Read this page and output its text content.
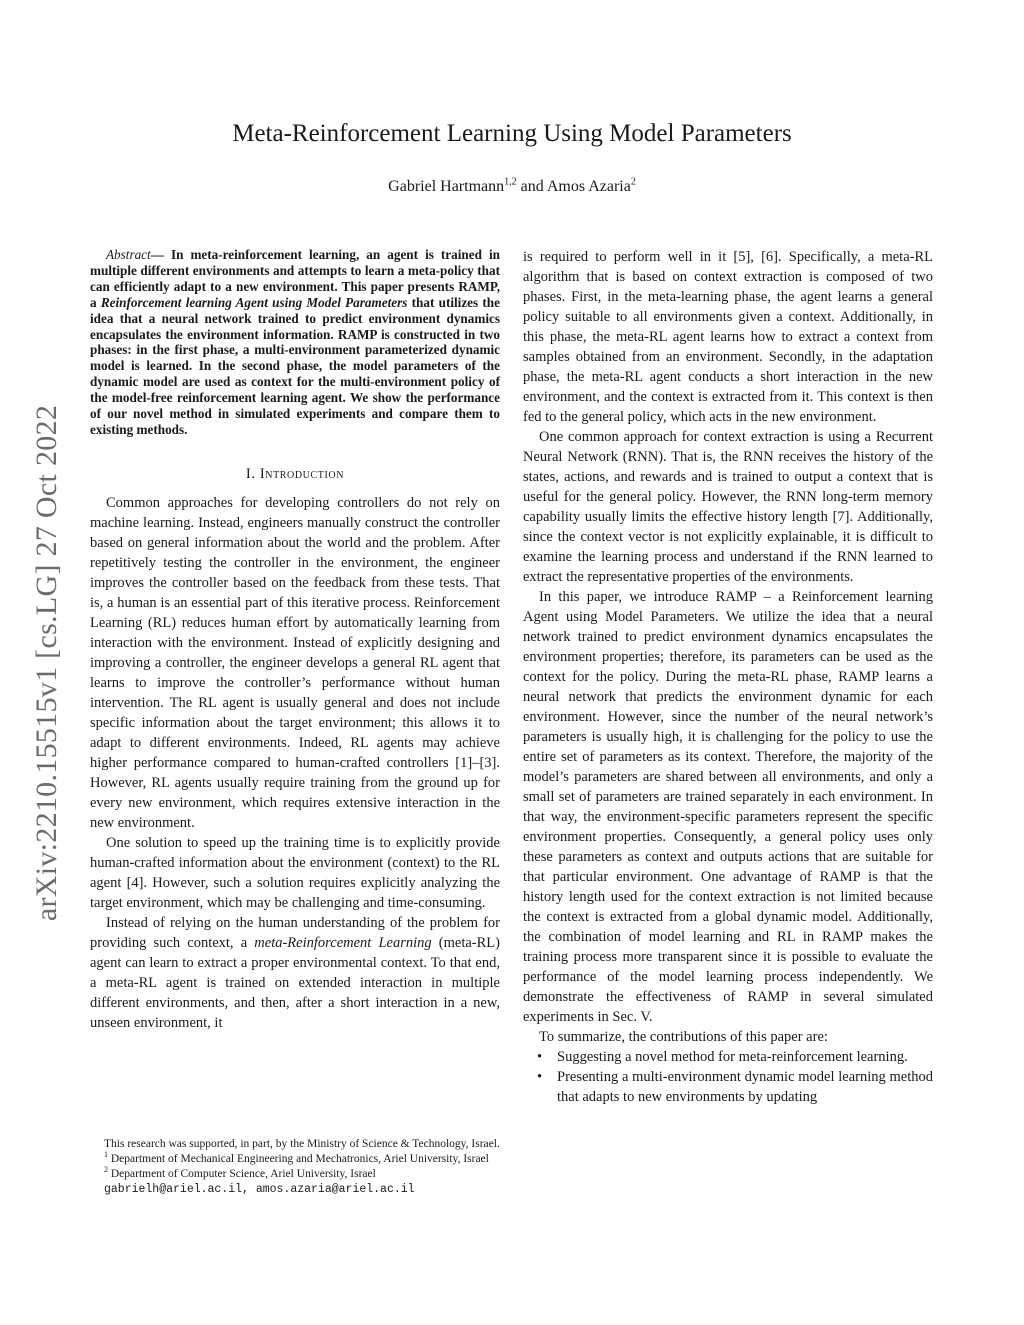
arXiv:2210.15515v1 [cs.LG] 27 Oct 2022
Meta-Reinforcement Learning Using Model Parameters
Gabriel Hartmann$^{1,2}$ and Amos Azaria$^2$

Abstract— In meta-reinforcement learning, an agent is trained in multiple different environments and attempts to learn a meta-policy that can efficiently adapt to a new environment. This paper presents RAMP, a Reinforcement learning Agent using Model Parameters that utilizes the idea that a neural network trained to predict environment dynamics encapsulates the environment information. RAMP is constructed in two phases: in the first phase, a multi-environment parameterized dynamic model is learned. In the second phase, the model parameters of the dynamic model are used as context for the multi-environment policy of the model-free reinforcement learning agent. We show the performance of our novel method in simulated experiments and compare them to existing methods.

I. Introduction

Common approaches for developing controllers do not rely on machine learning. Instead, engineers manually construct the controller based on general information about the world and the problem. After repetitively testing the controller in the environment, the engineer improves the controller based on the feedback from these tests. That is, a human is an essential part of this iterative process. Reinforcement Learning (RL) reduces human effort by automatically learning from interaction with the environment. Instead of explicitly designing and improving a controller, the engineer develops a general RL agent that learns to improve the controller’s performance without human intervention. The RL agent is usually general and does not include specific information about the target environment; this allows it to adapt to different environments. Indeed, RL agents may achieve higher performance compared to human-crafted controllers [1]–[3]. However, RL agents usually require training from the ground up for every new environment, which requires extensive interaction in the new environment.

One solution to speed up the training time is to explicitly provide human-crafted information about the environment (context) to the RL agent [4]. However, such a solution requires explicitly analyzing the target environment, which may be challenging and time-consuming.

Instead of relying on the human understanding of the problem for providing such context, a meta-Reinforcement Learning (meta-RL) agent can learn to extract a proper environmental context. To that end, a meta-RL agent is trained on extended interaction in multiple different environments, and then, after a short interaction in a new, unseen environment, it

This research was supported, in part, by the Ministry of Science & Technology, Israel.

$^1$ Department of Mechanical Engineering and Mechatronics, Ariel University, Israel

$^2$ Department of Computer Science, Ariel University, Israel

gabrielh@ariel.ac.il, amos.azaria@ariel.ac.il

is required to perform well in it [5], [6]. Specifically, a meta-RL algorithm that is based on context extraction is composed of two phases. First, in the meta-learning phase, the agent learns a general policy suitable to all environments given a context. Additionally, in this phase, the meta-RL agent learns how to extract a context from samples obtained from an environment. Secondly, in the adaptation phase, the meta-RL agent conducts a short interaction in the new environment, and the context is extracted from it. This context is then fed to the general policy, which acts in the new environment.

One common approach for context extraction is using a Recurrent Neural Network (RNN). That is, the RNN receives the history of the states, actions, and rewards and is trained to output a context that is useful for the general policy. However, the RNN long-term memory capability usually limits the effective history length [7]. Additionally, since the context vector is not explicitly explainable, it is difficult to examine the learning process and understand if the RNN learned to extract the representative properties of the environments.

In this paper, we introduce RAMP – a Reinforcement learning Agent using Model Parameters. We utilize the idea that a neural network trained to predict environment dynamics encapsulates the environment properties; therefore, its parameters can be used as the context for the policy. During the meta-RL phase, RAMP learns a neural network that predicts the environment dynamic for each environment. However, since the number of the neural network’s parameters is usually high, it is challenging for the policy to use the entire set of parameters as its context. Therefore, the majority of the model’s parameters are shared between all environments, and only a small set of parameters are trained separately in each environment. In that way, the environment-specific parameters represent the specific environment properties. Consequently, a general policy uses only these parameters as context and outputs actions that are suitable for that particular environment. One advantage of RAMP is that the history length used for the context extraction is not limited because the context is extracted from a global dynamic model. Additionally, the combination of model learning and RL in RAMP makes the training process more transparent since it is possible to evaluate the performance of the model learning process independently. We demonstrate the effectiveness of RAMP in several simulated experiments in Sec. V.

To summarize, the contributions of this paper are:

• Suggesting a novel method for meta-reinforcement learning.
• Presenting a multi-environment dynamic model learning method that adapts to new environments by updating
